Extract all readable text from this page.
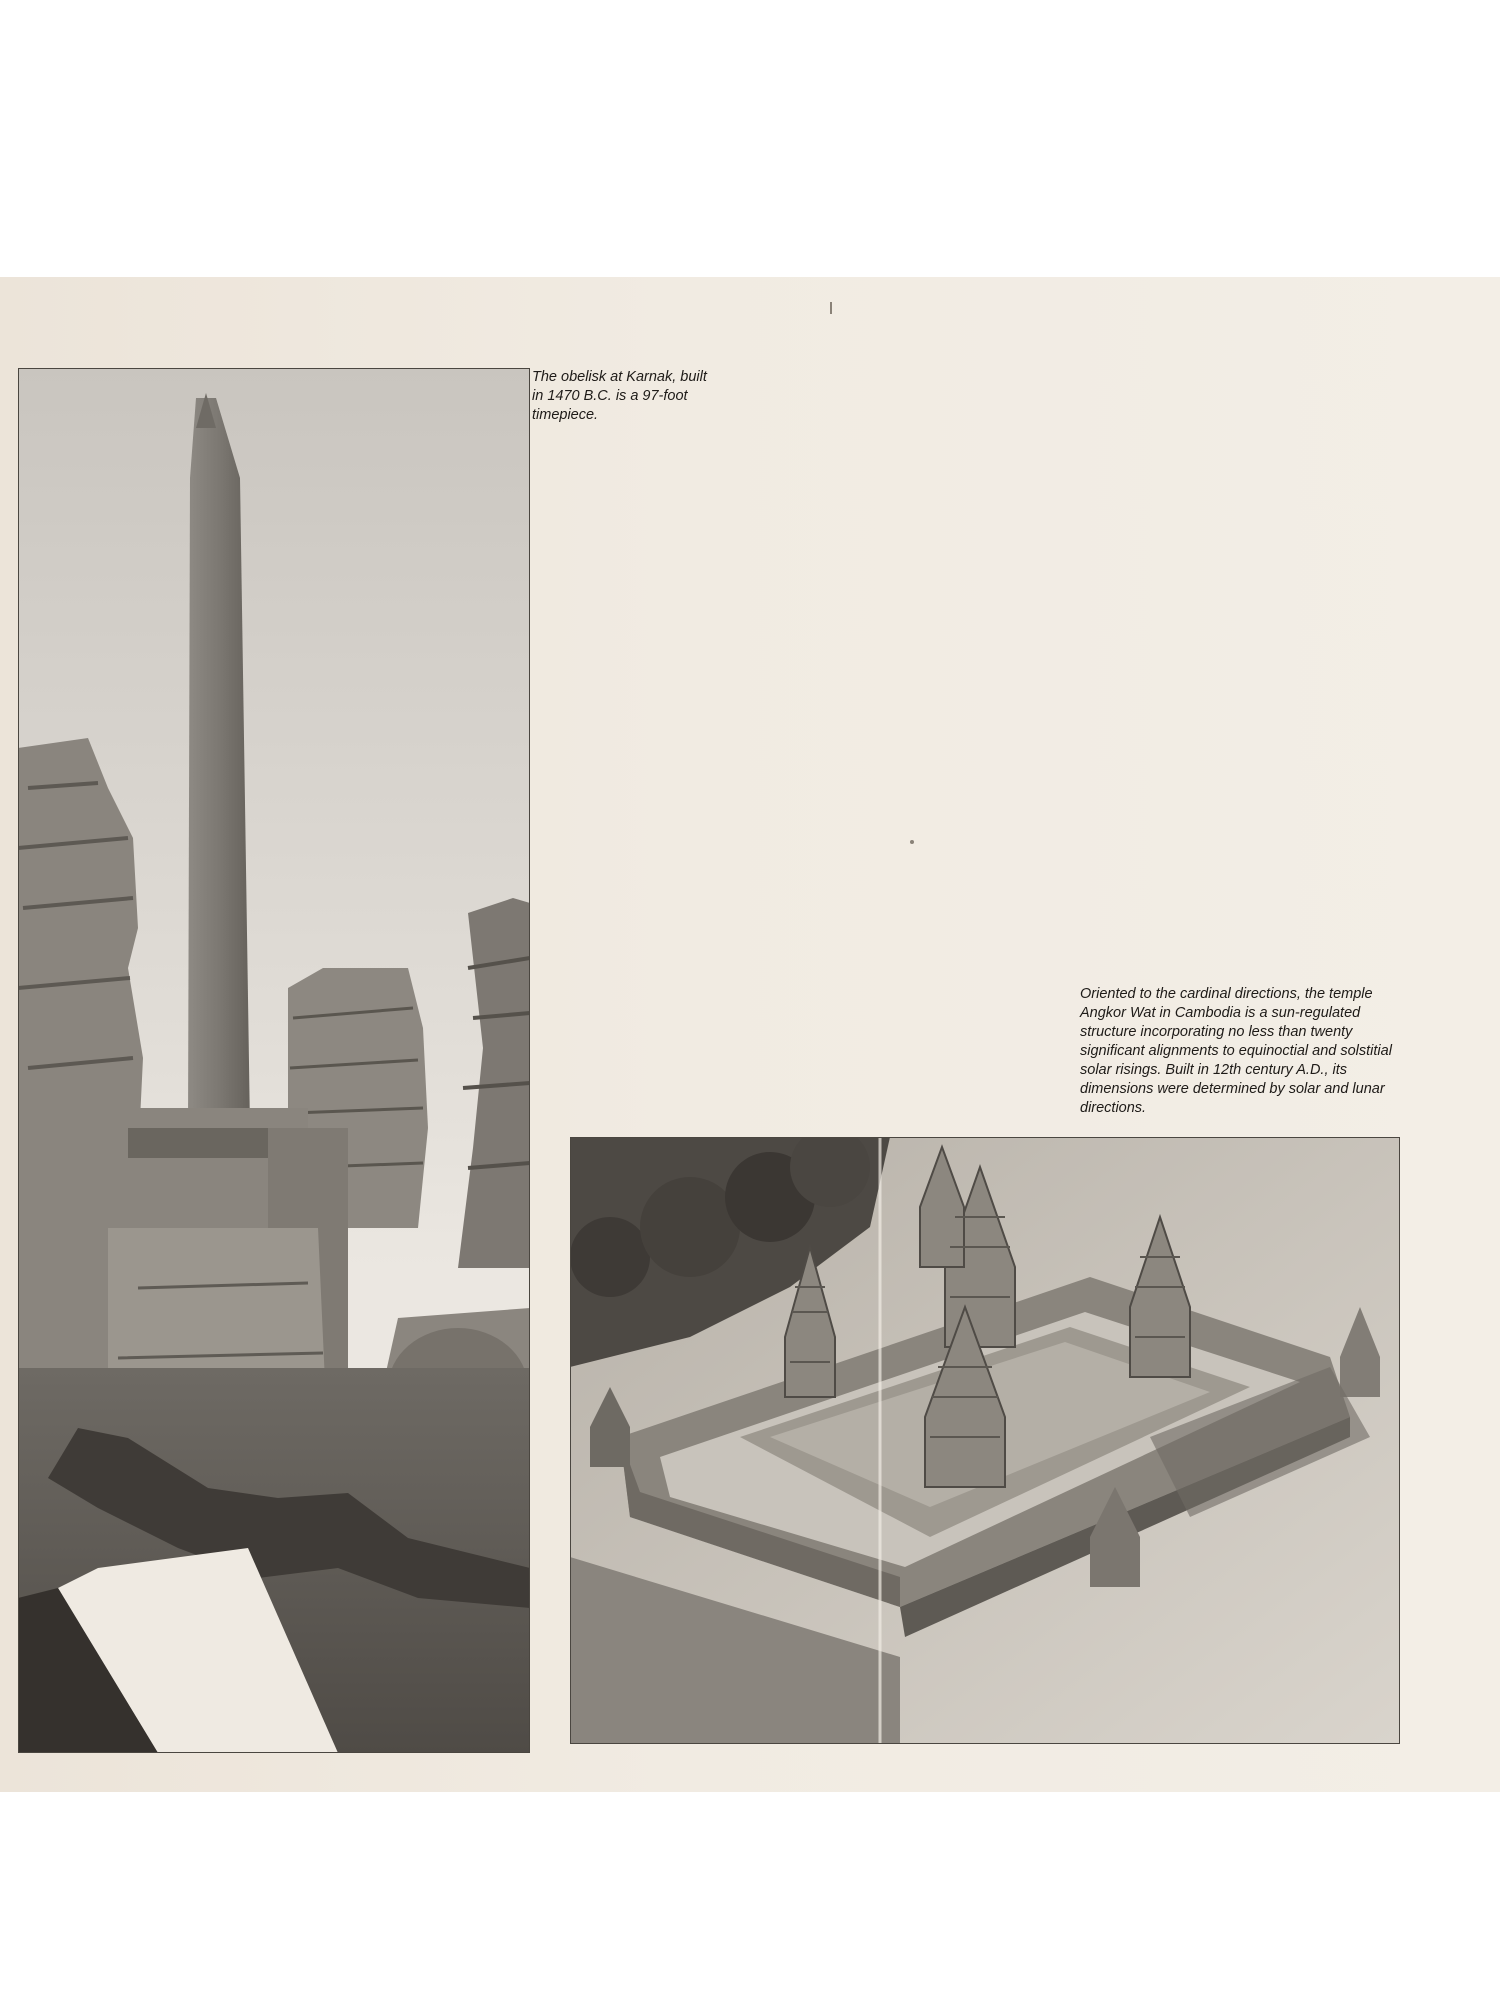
The obelisk at Karnak, built in 1470 B.C. is a 97-foot timepiece.

Oriented to the cardinal directions, the temple Angkor Wat in Cambodia is a sun-regulated structure incorporating no less than twenty significant alignments to equinoctial and solstitial solar risings. Built in 12th century A.D., its dimensions were determined by solar and lunar directions.
